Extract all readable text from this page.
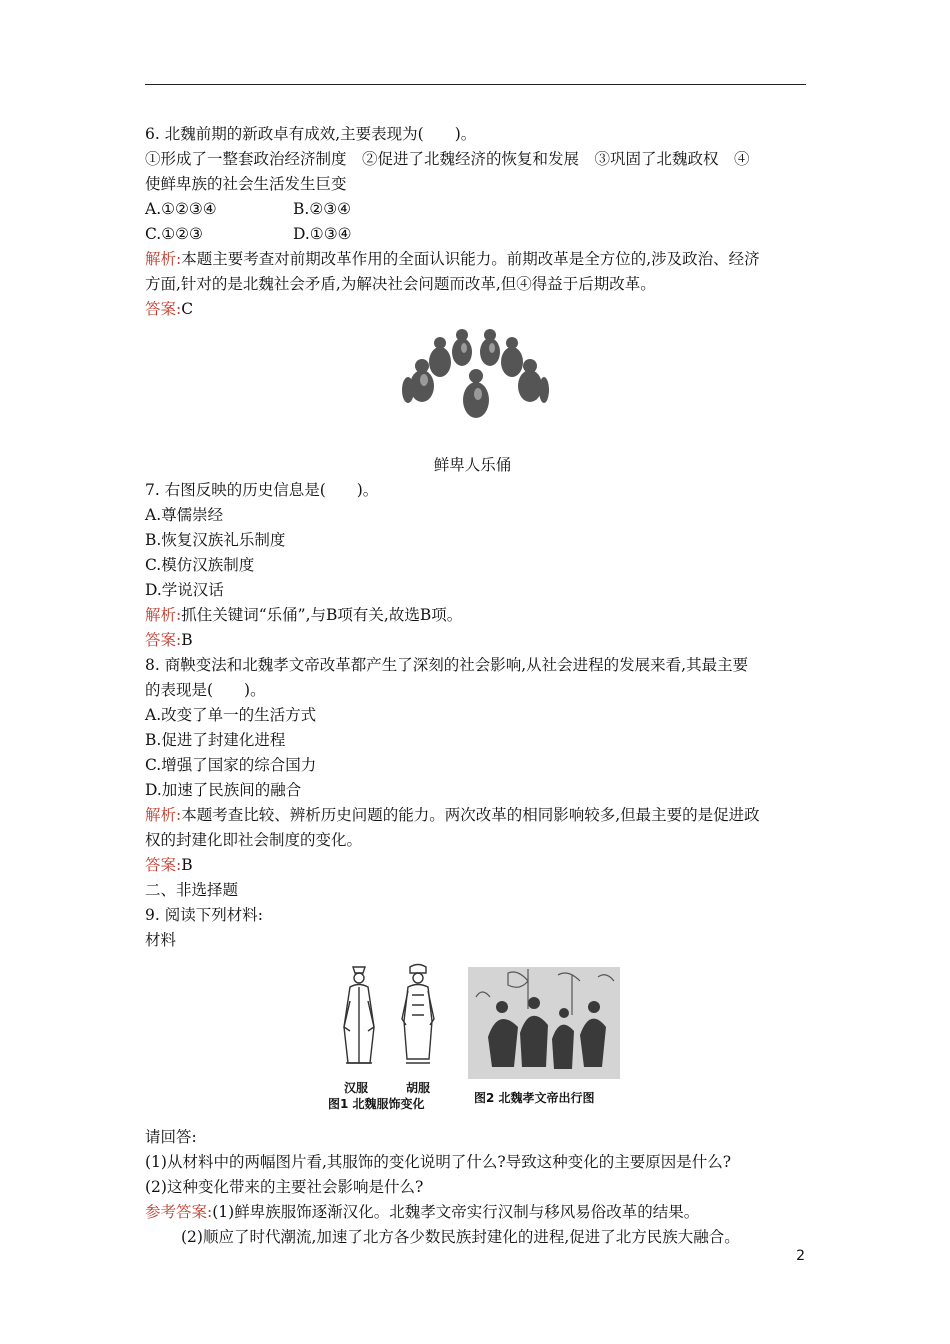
6. 北魏前期的新政卓有成效,主要表现为(　　)。
①形成了一整套政治经济制度　②促进了北魏经济的恢复和发展　③巩固了北魏政权　④
使鲜卑族的社会生活发生巨变
A.①②③④	B.②③④
C.①②③	D.①③④
解析:本题主要考查对前期改革作用的全面认识能力。前期改革是全方位的,涉及政治、经济
方面,针对的是北魏社会矛盾,为解决社会问题而改革,但④得益于后期改革。
答案:C
鲜卑人乐俑
7. 右图反映的历史信息是(　　)。
A.尊儒崇经
B.恢复汉族礼乐制度
C.模仿汉族制度
D.学说汉话
解析:抓住关键词“乐俑”,与B项有关,故选B项。
答案:B
8. 商鞅变法和北魏孝文帝改革都产生了深刻的社会影响,从社会进程的发展来看,其最主要
的表现是(　　)。
A.改变了单一的生活方式
B.促进了封建化进程
C.增强了国家的综合国力
D.加速了民族间的融合
解析:本题考查比较、辨析历史问题的能力。两次改革的相同影响较多,但最主要的是促进政
权的封建化即社会制度的变化。
答案:B
二、非选择题
9. 阅读下列材料:
材料
汉服	胡服
图1 北魏服饰变化	图2 北魏孝文帝出行图
请回答:
(1)从材料中的两幅图片看,其服饰的变化说明了什么?导致这种变化的主要原因是什么?
(2)这种变化带来的主要社会影响是什么?
参考答案:(1)鲜卑族服饰逐渐汉化。北魏孝文帝实行汉制与移风易俗改革的结果。
(2)顺应了时代潮流,加速了北方各少数民族封建化的进程,促进了北方民族大融合。
2
